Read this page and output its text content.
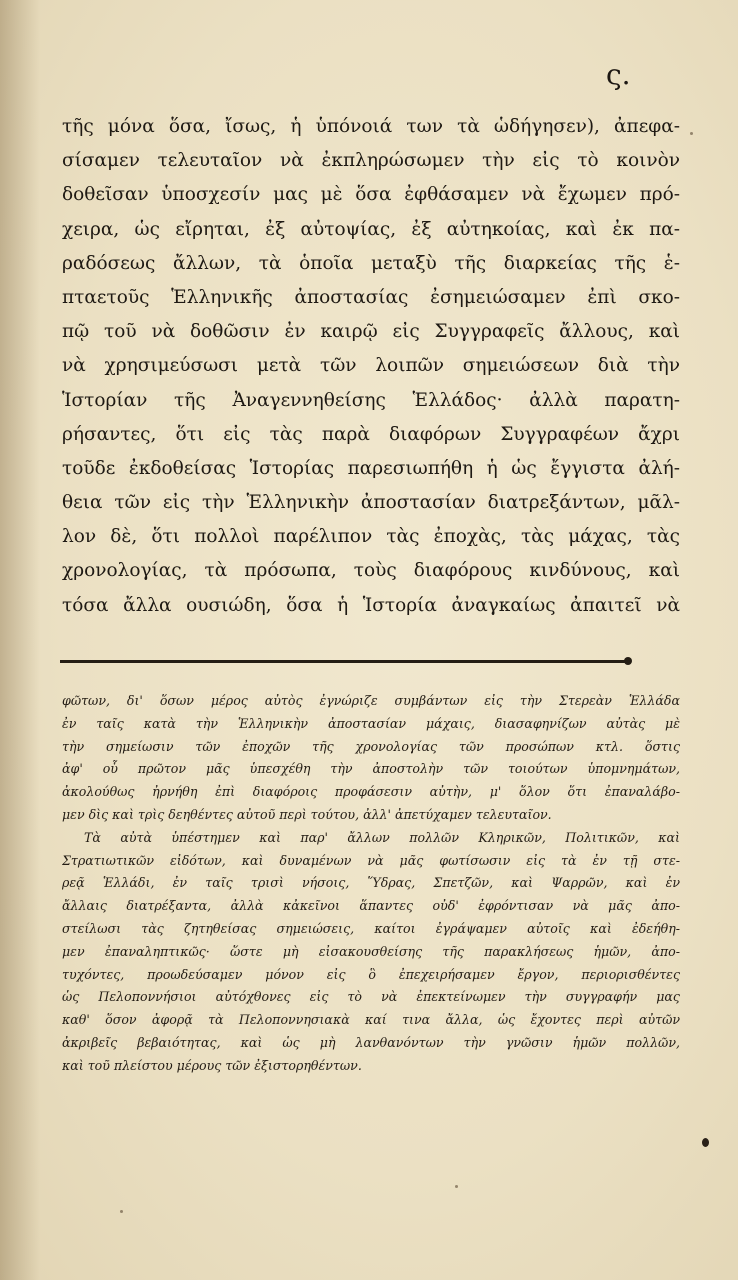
ς.
τῆς μόνα ὅσα, ἴσως, ἡ ὑπόνοιά των τὰ ὡδήγησεν), ἀπεφα-
σίσαμεν τελευταῖον νὰ ἐκπληρώσωμεν τὴν εἰς τὸ κοινὸν
δοθεῖσαν ὑποσχεσίν μας μὲ ὅσα ἐφθάσαμεν νὰ ἔχωμεν πρό-
χειρα, ὡς εἴρηται, ἐξ αὐτοψίας, ἐξ αὐτηκοίας, καὶ ἐκ πα-
ραδόσεως ἄλλων, τὰ ὁποῖα μεταξὺ τῆς διαρκείας τῆς ἑ-
πταετοῦς Ἑλληνικῆς ἀποστασίας ἐσημειώσαμεν ἐπὶ σκο-
πῷ τοῦ νὰ δοθῶσιν ἐν καιρῷ εἰς Συγγραφεῖς ἄλλους, καὶ
νὰ χρησιμεύσωσι μετὰ τῶν λοιπῶν σημειώσεων διὰ τὴν
Ἱστορίαν τῆς Ἀναγεννηθείσης Ἑλλάδος· ἀλλὰ παρατη-
ρήσαντες, ὅτι εἰς τὰς παρὰ διαφόρων Συγγραφέων ἄχρι
τοῦδε ἐκδοθείσας Ἱστορίας παρεσιωπήθη ἡ ὡς ἔγγιστα ἀλή-
θεια τῶν εἰς τὴν Ἑλληνικὴν ἀποστασίαν διατρεξάντων, μᾶλ-
λον δὲ, ὅτι πολλοὶ παρέλιπον τὰς ἐποχὰς, τὰς μάχας, τὰς
χρονολογίας, τὰ πρόσωπα, τοὺς διαφόρους κινδύνους, καὶ
τόσα ἄλλα ουσιώδη, ὅσα ἡ Ἱστορία ἀναγκαίως ἀπαιτεῖ νὰ
φῶτων, δι' ὅσων μέρος αὐτὸς ἐγνώριζε συμβάντων εἰς τὴν Στερεὰν Ἑλλάδα
ἐν ταῖς κατὰ τὴν Ἑλληνικὴν ἀποστασίαν μάχαις, διασαφηνίζων αὐτὰς μὲ
τὴν σημείωσιν τῶν ἐποχῶν τῆς χρονολογίας τῶν προσώπων κτλ. ὅστις
ἀφ' οὗ πρῶτον μᾶς ὑπεσχέθη τὴν ἀποστολὴν τῶν τοιούτων ὑπομνημάτων,
ἀκολούθως ἠρνήθη ἐπὶ διαφόροις προφάσεσιν αὐτὴν, μ' ὅλον ὅτι ἐπαναλάβο-
μεν δὶς καὶ τρὶς δεηθέντες αὐτοῦ περὶ τούτου, ἀλλ' ἀπετύχαμεν τελευταῖον.
Τὰ αὐτὰ ὑπέστημεν καὶ παρ' ἄλλων πολλῶν Κληρικῶν, Πολιτικῶν, καὶ
Στρατιωτικῶν εἰδότων, καὶ δυναμένων νὰ μᾶς φωτίσωσιν εἰς τὰ ἐν τῇ στε-
ρεᾷ Ἑλλάδι, ἐν ταῖς τρισὶ νήσοις, Ὕδρας, Σπετζῶν, καὶ Ψαρρῶν, καὶ ἐν
ἄλλαις διατρέξαντα, ἀλλὰ κἀκεῖνοι ἅπαντες οὐδ' ἐφρόντισαν νὰ μᾶς ἀπο-
στείλωσι τὰς ζητηθείσας σημειώσεις, καίτοι ἐγράψαμεν αὐτοῖς καὶ ἐδεήθη-
μεν ἐπαναληπτικῶς· ὥστε μὴ εἰσακουσθείσης τῆς παρακλήσεως ἡμῶν, ἀπο-
τυχόντες, προωδεύσαμεν μόνον εἰς ὃ ἐπεχειρήσαμεν ἔργον, περιορισθέντες
ὡς Πελοποννήσιοι αὐτόχθονες εἰς τὸ νὰ ἐπεκτείνωμεν τὴν συγγραφήν μας
καθ' ὅσον ἀφορᾷ τὰ Πελοποννησιακὰ καί τινα ἄλλα, ὡς ἔχοντες περὶ αὐτῶν
ἀκριβεῖς βεβαιότητας, καὶ ὡς μὴ λανθανόντων τὴν γνῶσιν ἡμῶν πολλῶν,
καὶ τοῦ πλείστου μέρους τῶν ἐξιστορηθέντων.
